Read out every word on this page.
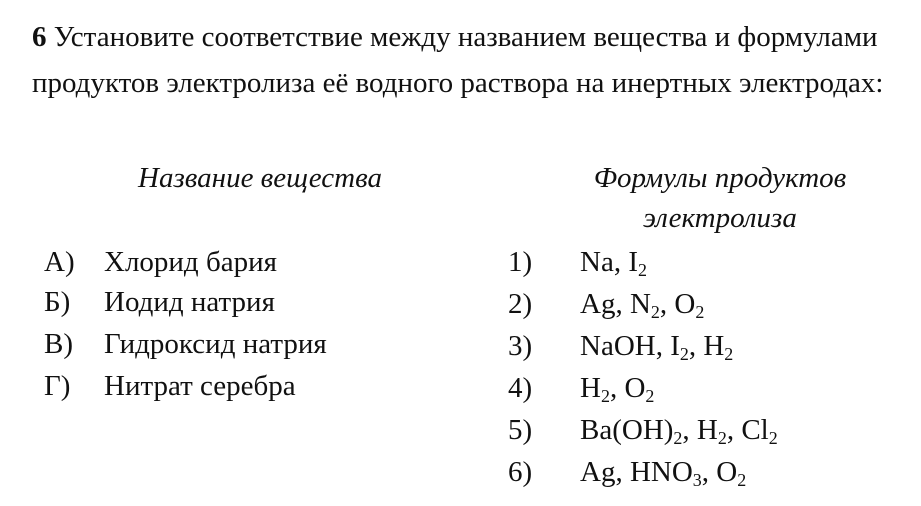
6 Установите соответствие между названием вещества и формулами продуктов электролиза её водного раствора на инертных электродах:
Название вещества	Формулы продуктов
электролиза
А) Хлорид бария
Б) Иодид натрия
В) Гидроксид натрия
Г) Нитрат серебра
1) Na, $I_2$
2) Ag, $N_2$, $O_2$
3) NaOH, $I_2$, $H_2$
4) $H_2$, $O_2$
5) $Ba(OH)_2$, $H_2$, $Cl_2$
6) Ag, $HNO_3$, $O_2$
